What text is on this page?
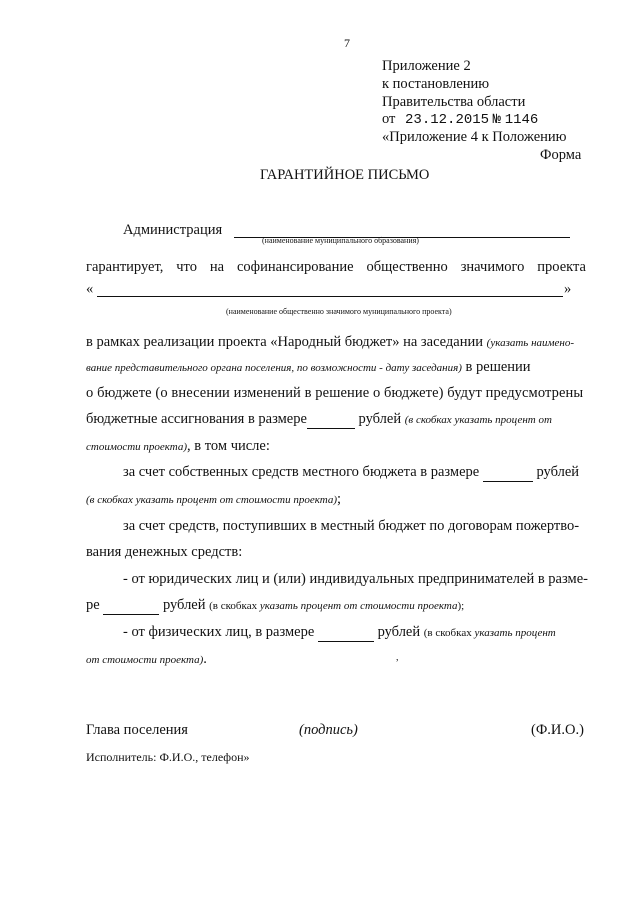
7
Приложение 2
к постановлению
Правительства области
от 23.12.2015 № 1146
«Приложение 4 к Положению
Форма
ГАРАНТИЙНОЕ ПИСЬМО
Администрация
(наименование муниципального образования)
гарантирует, что на софинансирование общественно значимого проекта
«	»
(наименование общественно значимого муниципального проекта)
в рамках реализации проекта «Народный бюджет» на заседании (указать наимено-
вание представительного органа поселения, по возможности - дату заседания) в решении
о бюджете (о внесении изменений в решение о бюджете) будут предусмотрены
бюджетные ассигнования в размере	рублей (в скобках указать процент от
стоимости проекта), в том числе:
за счет собственных средств местного бюджета в размере	рублей
(в скобках указать процент от стоимости проекта);
за счет средств, поступивших в местный бюджет по договорам пожертво-
вания денежных средств:
- от юридических лиц и (или) индивидуальных предпринимателей в разме-
ре	рублей (в скобках указать процент от стоимости проекта);
- от физических лиц, в размере	рублей (в скобках указать процент
от стоимости проекта).	,
Глава поселения	(подпись)	(Ф.И.О.)
Исполнитель: Ф.И.О., телефон»
